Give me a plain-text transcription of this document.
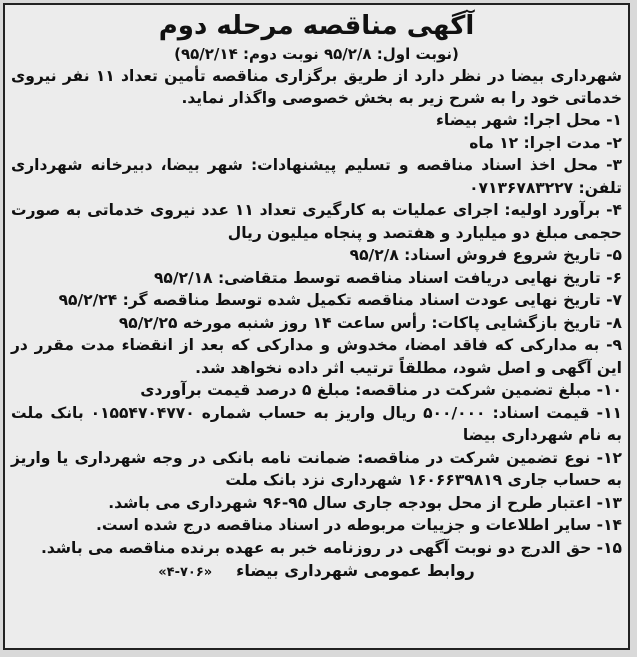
آگهی مناقصه مرحله دوم
(نوبت اول: ۹۵/۲/۸ نوبت دوم: ۹۵/۲/۱۴)
شهرداری بیضا در نظر دارد از طریق برگزاری مناقصه تأمین تعداد ۱۱ نفر نیروی خدماتی خود را به شرح زیر به بخش خصوصی واگذار نماید.
۱- محل اجرا: شهر بیضاء
۲- مدت اجرا: ۱۲ ماه
۳- محل اخذ اسناد مناقصه و تسلیم پیشنهادات: شهر بیضا، دبیرخانه شهرداری تلفن: ۰۷۱۳۶۷۸۳۲۲۷
۴- برآورد اولیه: اجرای عملیات به کارگیری تعداد ۱۱ عدد نیروی خدماتی به صورت حجمی مبلغ دو میلیارد و هفتصد و پنجاه میلیون ریال
۵- تاریخ شروع فروش اسناد: ۹۵/۲/۸
۶- تاریخ نهایی دریافت اسناد مناقصه توسط متقاضی: ۹۵/۲/۱۸
۷- تاریخ نهایی عودت اسناد مناقصه تکمیل شده توسط مناقصه گر: ۹۵/۲/۲۴
۸- تاریخ بازگشایی پاکات: رأس ساعت ۱۴ روز شنبه مورخه ۹۵/۲/۲۵
۹- به مدارکی که فاقد امضا، مخدوش و مدارکی که بعد از انقضاء مدت مقرر در این آگهی و اصل شود، مطلقاً ترتیب اثر داده نخواهد شد.
۱۰- مبلغ تضمین شرکت در مناقصه: مبلغ ۵ درصد قیمت برآوردی
۱۱- قیمت اسناد: ۵۰۰/۰۰۰ ریال واریز به حساب شماره ۰۱۵۵۴۷۰۴۷۷۰ بانک ملت به نام شهرداری بیضا
۱۲- نوع تضمین شرکت در مناقصه: ضمانت نامه بانکی در وجه شهرداری یا واریز به حساب جاری ۱۶۰۶۶۳۹۸۱۹ شهرداری نزد بانک ملت
۱۳- اعتبار طرح از محل بودجه جاری سال ۹۵-۹۶ شهرداری می باشد.
۱۴- سایر اطلاعات و جزییات مربوطه در اسناد مناقصه درج شده است.
۱۵- حق الدرج دو نوبت آگهی در روزنامه خبر به عهده برنده مناقصه می باشد.
روابط عمومی شهرداری بیضاء
«۴-۷۰۶»
